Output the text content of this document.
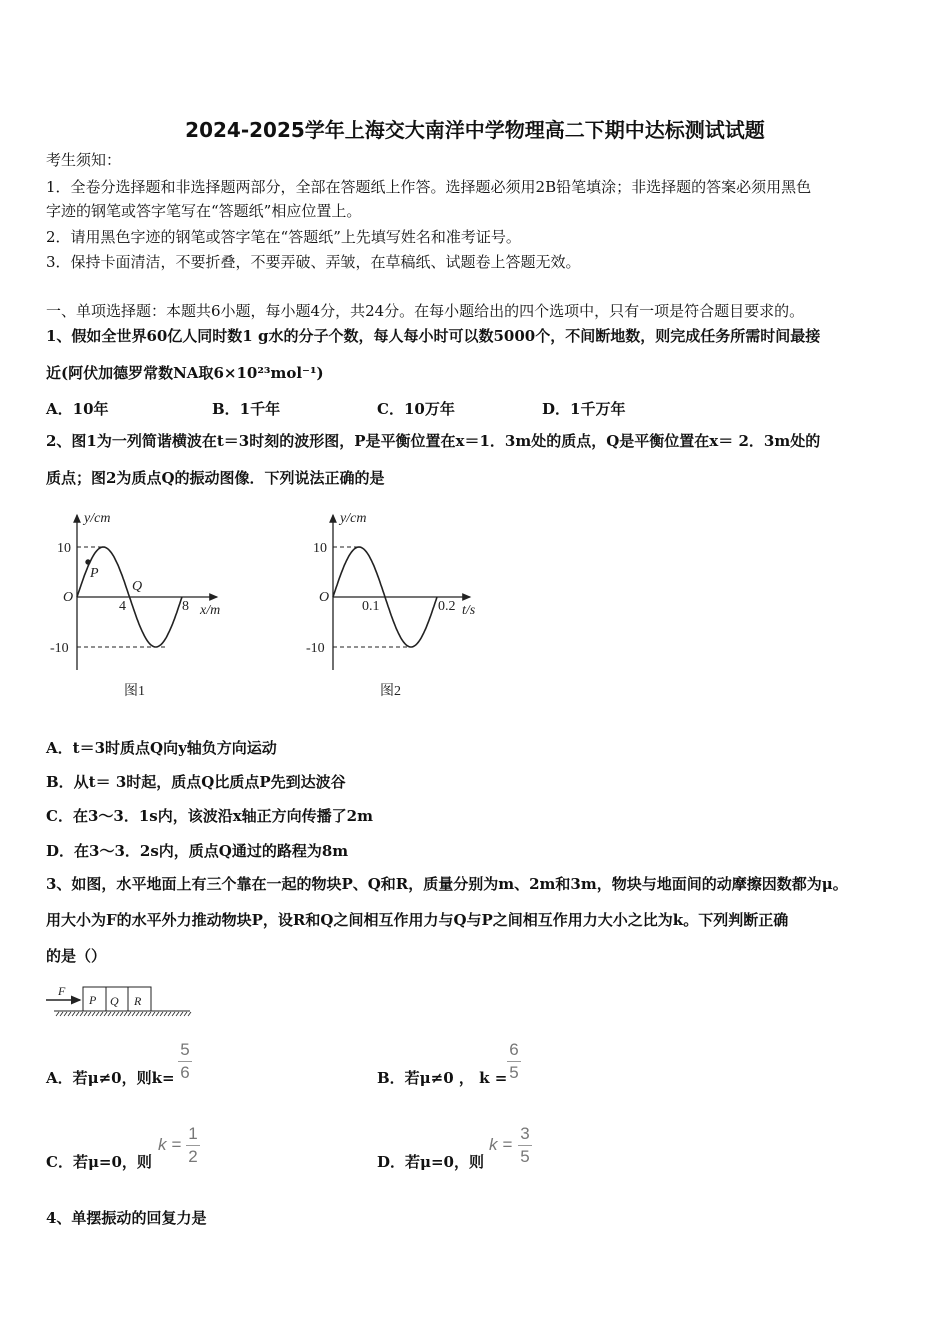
2024-2025学年上海交大南洋中学物理高二下期中达标测试试题
考生须知：
1．全卷分选择题和非选择题两部分，全部在答题纸上作答。选择题必须用2B铅笔填涂；非选择题的答案必须用黑色
字迹的钢笔或答字笔写在“答题纸”相应位置上。
2．请用黑色字迹的钢笔或答字笔在“答题纸”上先填写姓名和准考证号。
3．保持卡面清洁，不要折叠，不要弄破、弄皱，在草稿纸、试题卷上答题无效。
一、单项选择题：本题共6小题，每小题4分，共24分。在每小题给出的四个选项中，只有一项是符合题目要求的。
1、假如全世界60亿人同时数1 g水的分子个数，每人每小时可以数5000个，不间断地数，则完成任务所需时间最接
近(阿伏加德罗常数NA取6×10²³mol⁻¹)
A．10年	B．1千年	C．10万年	D．1千万年
2、图1为一列简谐横波在t＝3时刻的波形图，P是平衡位置在x＝1．3m处的质点，Q是平衡位置在x＝ 2．3m处的
质点；图2为质点Q的振动图像．下列说法正确的是
y/cm
10
-10
O
4	8 x/m
P
Q
图1
y/cm
10
-10
O
0.1	0.2 t/s
图2
F
P Q R
A．t＝3时质点Q向y轴负方向运动
B．从t＝ 3时起，质点Q比质点P先到达波谷
C．在3～3．1s内，该波沿x轴正方向传播了2m
D．在3～3．2s内，质点Q通过的路程为8m
3、如图，水平地面上有三个靠在一起的物块P、Q和R，质量分别为m、2m和3m，物块与地面间的动摩擦因数都为μ。
用大小为F的水平外力推动物块P，设R和Q之间相互作用力与Q与P之间相互作用力大小之比为k。下列判断正确
的是（）
A．若μ≠0，则k=
5
6	B．若μ≠0 ， k =
6
5
C．若μ=0，则
k =
1
2	D．若μ=0，则
k =
3
5
4、单摆振动的回复力是
